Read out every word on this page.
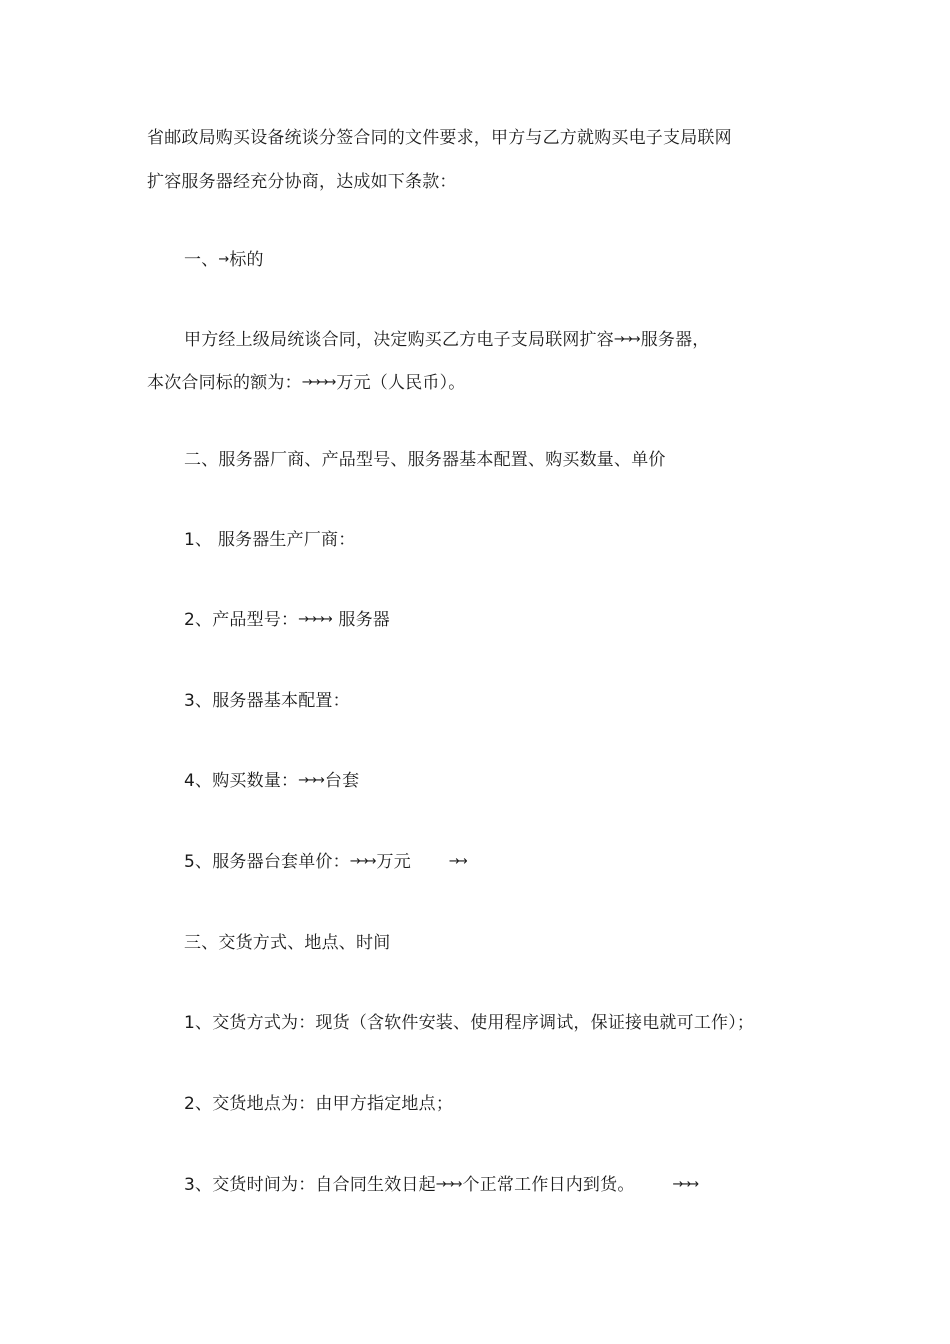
省邮政局购买设备统谈分签合同的文件要求，甲方与乙方就购买电子支局联网
扩容服务器经充分协商，达成如下条款：
一、→ 标的
甲方经上级局统谈合同，决定购买乙方电子支局联网扩容→→→ 服务器，
本次合同标的额为：→→→→ 万元（人民币）。
二、服务器厂商、产品型号、服务器基本配置、购买数量、单价
1、 服务器生产厂商：
2、产品型号：→→→→ 服务器
3、服务器基本配置：
4、购买数量：→→→ 台套
5、服务器台套单价：→→→ 万元	→→
三、交货方式、地点、时间
1、交货方式为：现货（含软件安装、使用程序调试，保证接电就可工作）；
2、交货地点为：由甲方指定地点；
3、交货时间为：自合同生效日起→→→ 个正常工作日内到货。	→→→
